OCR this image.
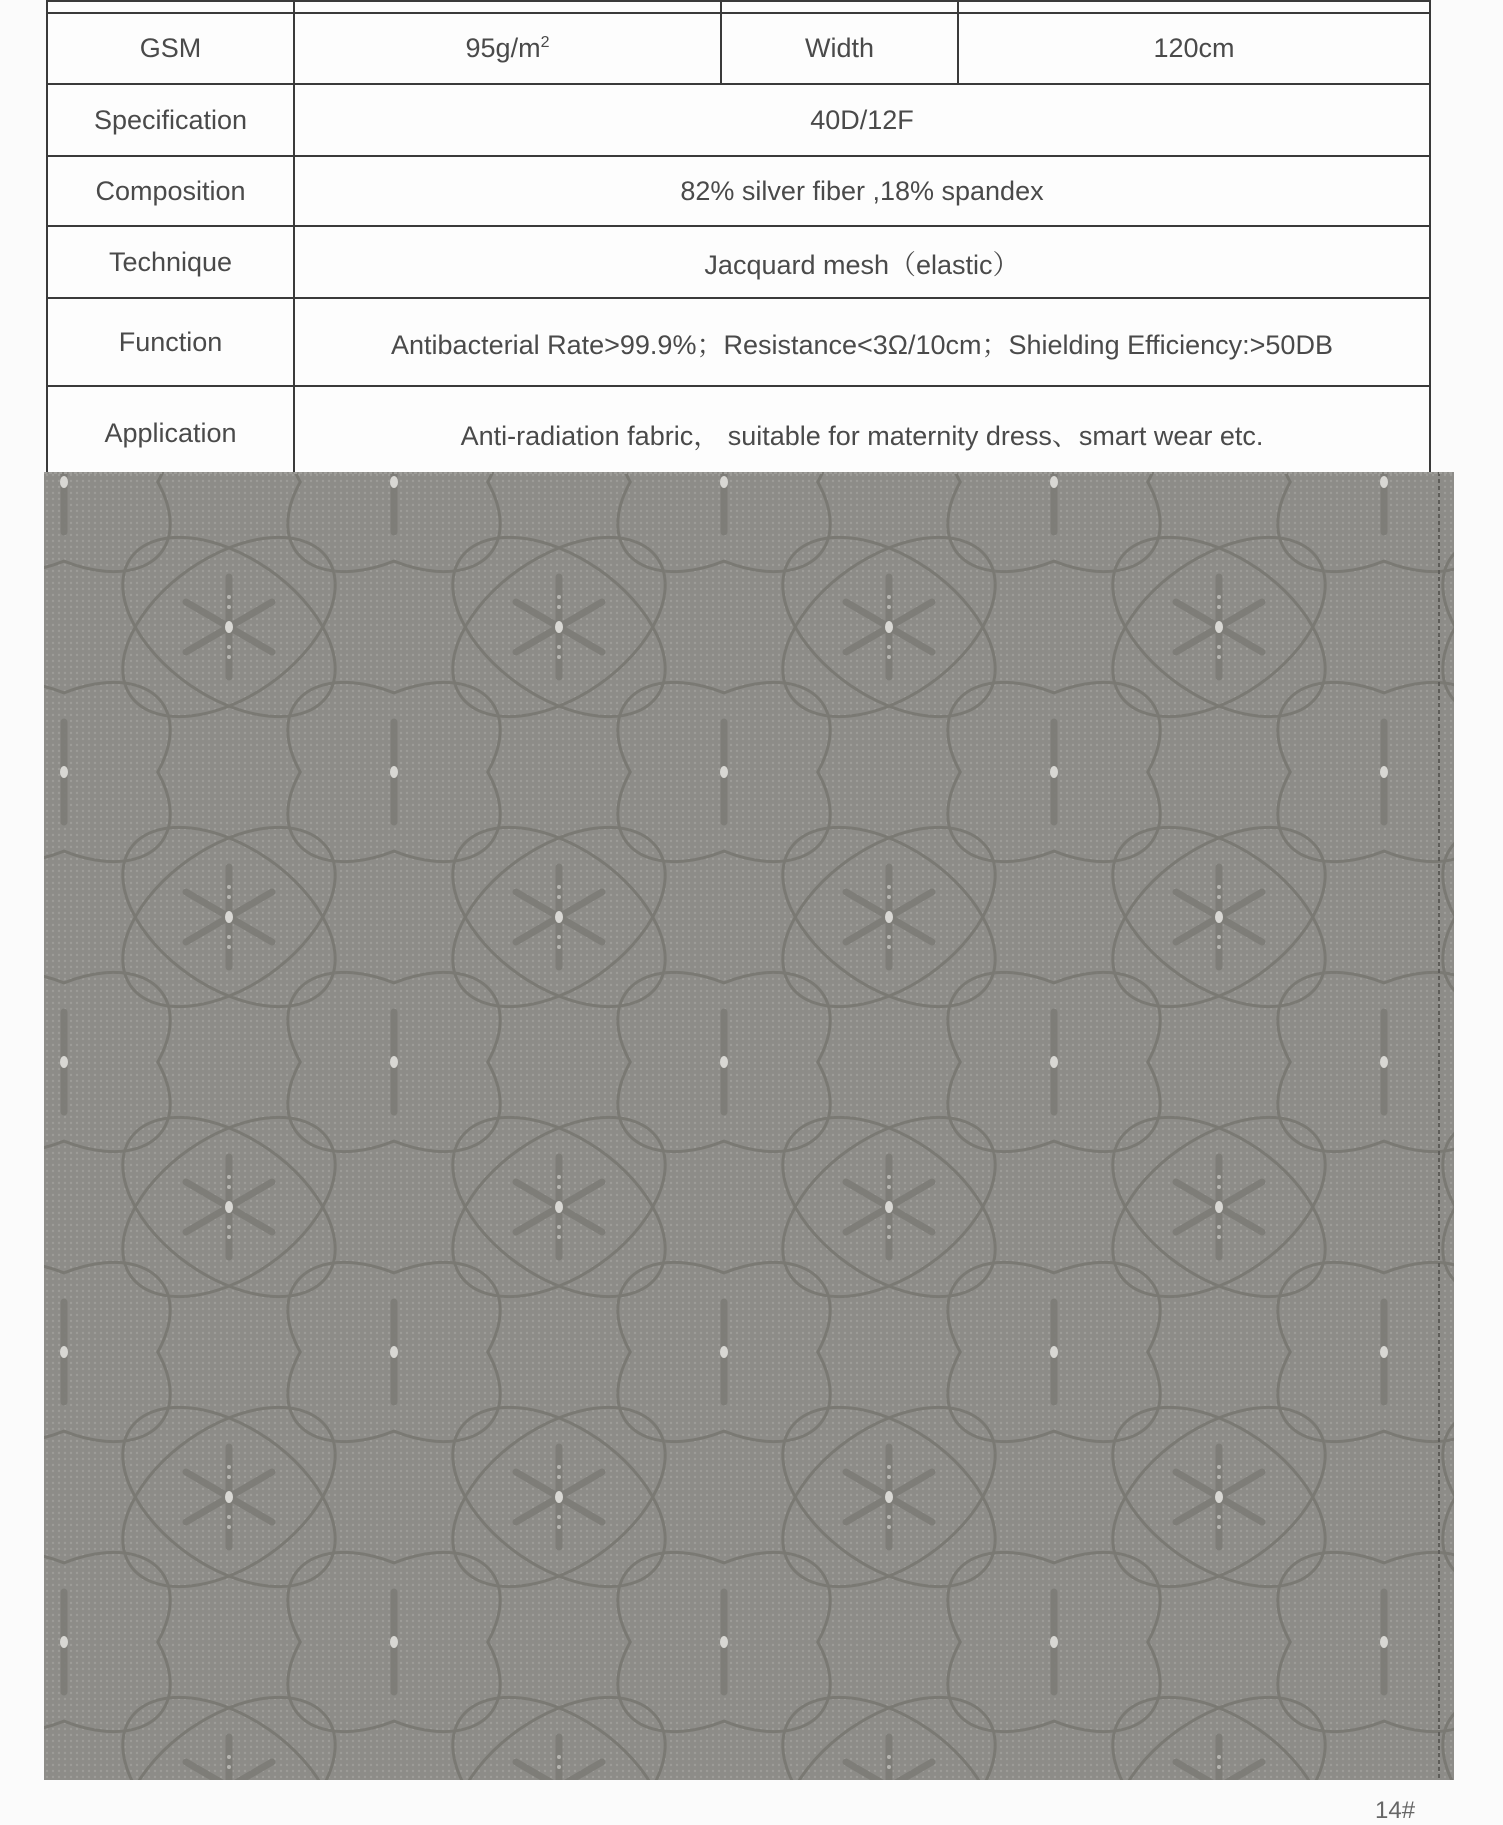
GSM	$95g/m^2$	Width	120cm
Specification	40D/12F		
Composition	82% silver fiber ,18% spandex		
Technique	Jacquard mesh（elastic）		
Function	Antibacterial Rate>99.9%；Resistance<3Ω/10cm；Shielding Efficiency:>50DB		
Application	Anti-radiation fabric， suitable for maternity dress、smart wear etc.		
14#
